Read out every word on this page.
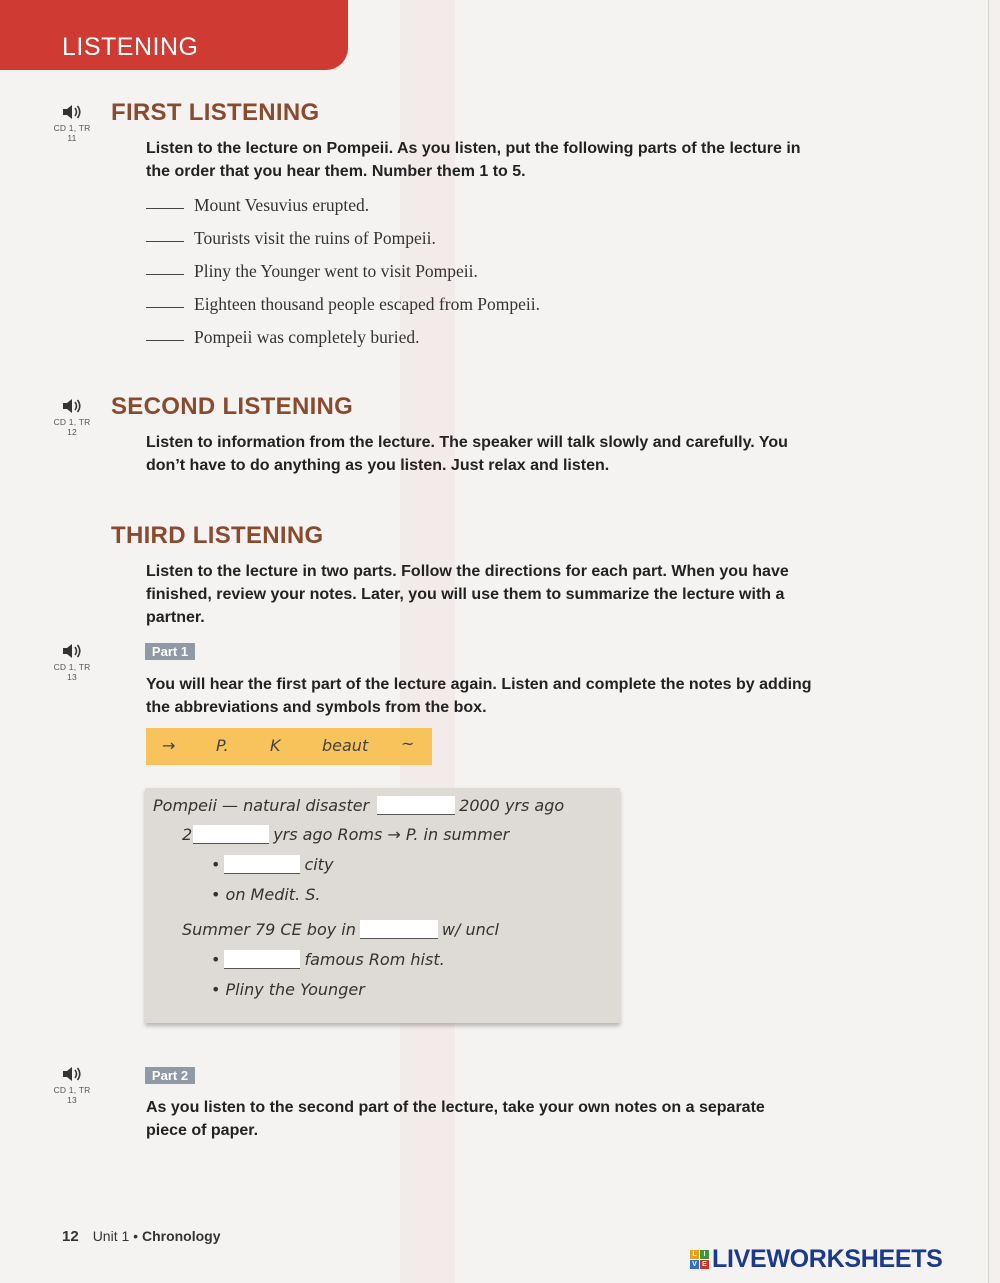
LISTENING
CD 1, TR 11
FIRST LISTENING
Listen to the lecture on Pompeii. As you listen, put the following parts of the lecture in the order that you hear them. Number them 1 to 5.
Mount Vesuvius erupted.
Tourists visit the ruins of Pompeii.
Pliny the Younger went to visit Pompeii.
Eighteen thousand people escaped from Pompeii.
Pompeii was completely buried.
CD 1, TR 12
SECOND LISTENING
Listen to information from the lecture. The speaker will talk slowly and carefully. You don’t have to do anything as you listen. Just relax and listen.
THIRD LISTENING
Listen to the lecture in two parts. Follow the directions for each part. When you have finished, review your notes. Later, you will use them to summarize the lecture with a partner.
CD 1, TR 13
Part 1
You will hear the first part of the lecture again. Listen and complete the notes by adding the abbreviations and symbols from the box.
→	P.	K	beaut ~
Pompeii — natural disaster	2000 yrs ago
2	yrs ago Roms → P. in summer
•	city
• on Medit. S.
Summer 79 CE boy in	w/ uncl
•	famous Rom hist.
• Pliny the Younger
CD 1, TR 13
Part 2
As you listen to the second part of the lecture, take your own notes on a separate piece of paper.
12 Unit 1 • Chronology
L I
V E LIVEWORKSHEETS
